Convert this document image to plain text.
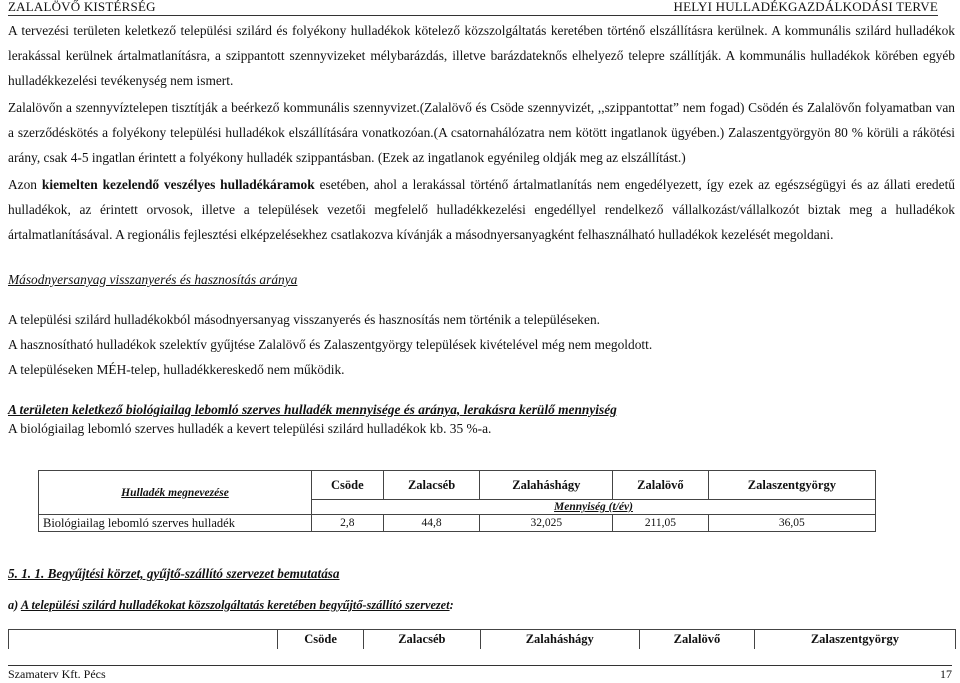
ZALALÖVŐ KISTÉRSÉG	HELYI HULLADÉKGAZDÁLKODÁSI TERVE

A tervezési területen keletkező települési szilárd és folyékony hulladékok kötelező közszolgáltatás keretében történő elszállításra kerülnek. A kommunális szilárd hulladékok lerakással kerülnek ártalmatlanításra, a szippantott szennyvizeket mélybarázdás, illetve barázdateknős elhelyező telepre szállítják. A kommunális hulladékok körében egyéb hulladékkezelési tevékenység nem ismert.

Zalalövőn a szennyvíztelepen tisztítják a beérkező kommunális szennyvizet.(Zalalövő és Csöde szennyvizét, ,,szippantottat” nem fogad) Csödén és Zalalövőn folyamatban van a szerződéskötés a folyékony települési hulladékok elszállítására vonatkozóan.(A csatornahálózatra nem kötött ingatlanok ügyében.) Zalaszentgyörgyön 80 % körüli a rákötési arány, csak 4-5 ingatlan érintett a folyékony hulladék szippantásban. (Ezek az ingatlanok egyénileg oldják meg az elszállítást.)

Azon kiemelten kezelendő veszélyes hulladékáramok esetében, ahol a lerakással történő ártalmatlanítás nem engedélyezett, így ezek az egészségügyi és az állati eredetű hulladékok, az érintett orvosok, illetve a települések vezetői megfelelő hulladékkezelési engedéllyel rendelkező vállalkozást/vállalkozót biztak meg a hulladékok ártalmatlanításával. A regionális fejlesztési elképzelésekhez csatlakozva kívánják a másodnyersanyagként felhasználható hulladékok kezelését megoldani.

Másodnyersanyag visszanyerés és hasznosítás aránya

A települési szilárd hulladékokból másodnyersanyag visszanyerés és hasznosítás nem történik a településeken.

A hasznosítható hulladékok szelektív gyűjtése Zalalövő és Zalaszentgyörgy települések kivételével még nem megoldott.

A településeken MÉH-telep, hulladékkereskedő nem működik.

A területen keletkező biológiailag lebomló szerves hulladék mennyisége és aránya, lerakásra kerülő mennyiség

A biológiailag lebomló szerves hulladék a kevert települési szilárd hulladékok kb. 35 %-a.

Hulladék megnevezése	Csöde	Zalacséb	Zalaháshágy	Zalalövő	Zalaszentgyörgy
	Mennyiség (t/év)				
Biológiailag lebomló szerves hulladék	2,8	44,8	32,025	211,05	36,05
5. 1. 1. Begyűjtési körzet, gyűjtő-szállító szervezet bemutatása
a) A települési szilárd hulladékokat közszolgáltatás keretében begyűjtő-szállító szervezet:
	Csöde	Zalacséb	Zalaháshágy	Zalalövő	Zalaszentgyörgy
Szamaterv Kft. Pécs	17
